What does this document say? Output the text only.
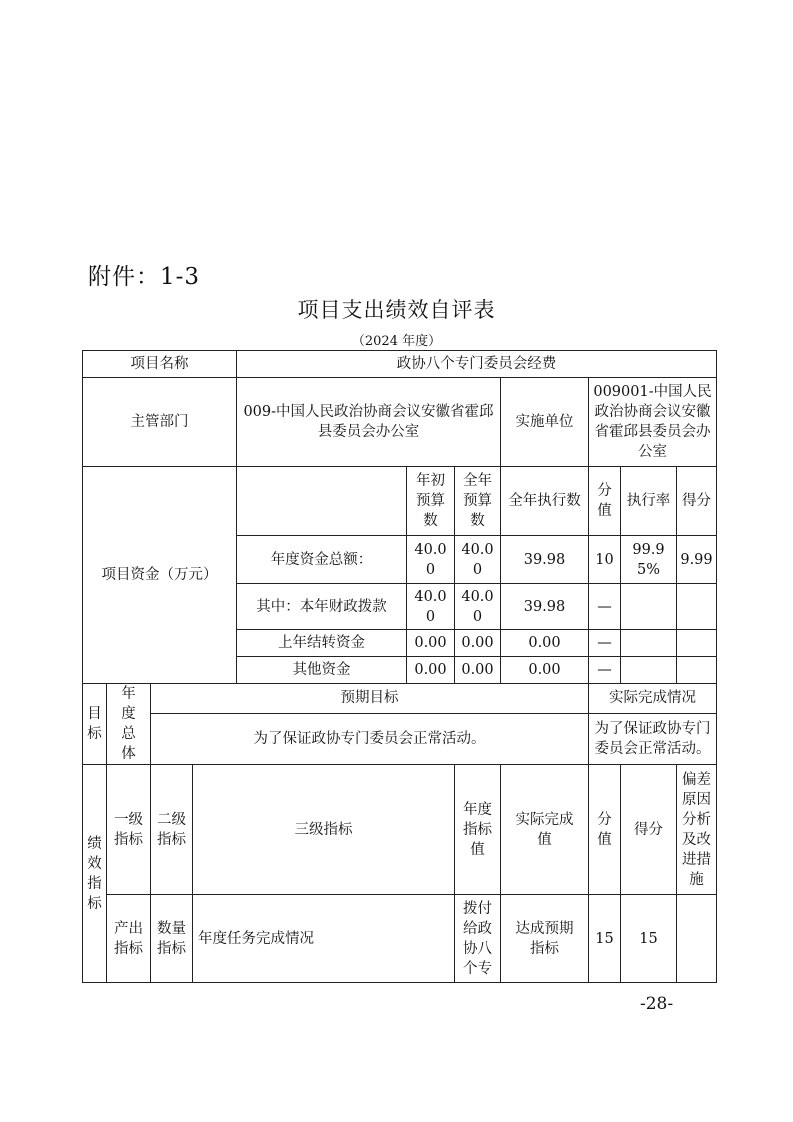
附件：1-3
项目支出绩效自评表
（2024 年度）
项目名称				政协八个专门委员会经费						
主管部门				009-中国人民政治协商会议安徽省霍邱县委员会办公室			实施单位	009001-中国人民政治协商会议安徽省霍邱县委员会办公室		
项目资金（万元）					年初预算数	全年预算数	全年执行数	分值	执行率	得分
				年度资金总额：	40.00	40.00	39.98	10	99.95%	9.99
				其中：本年财政拨款	40.00	40.00	39.98	—		
				上年结转资金	0.00	0.00	0.00	—		
				其他资金	0.00	0.00	0.00	—		
目标	年度总体	预期目标						实际完成情况		
		为了保证政协专门委员会正常活动。						为了保证政协专门委员会正常活动。		
绩效指标	一级指标	二级指标	三级指标			年度指标值	实际完成值	分值	得分	偏差原因分析及改进措施
	产出指标	数量指标	年度任务完成情况			拨付给政协八个专	达成预期指标	15	15	
-28-
